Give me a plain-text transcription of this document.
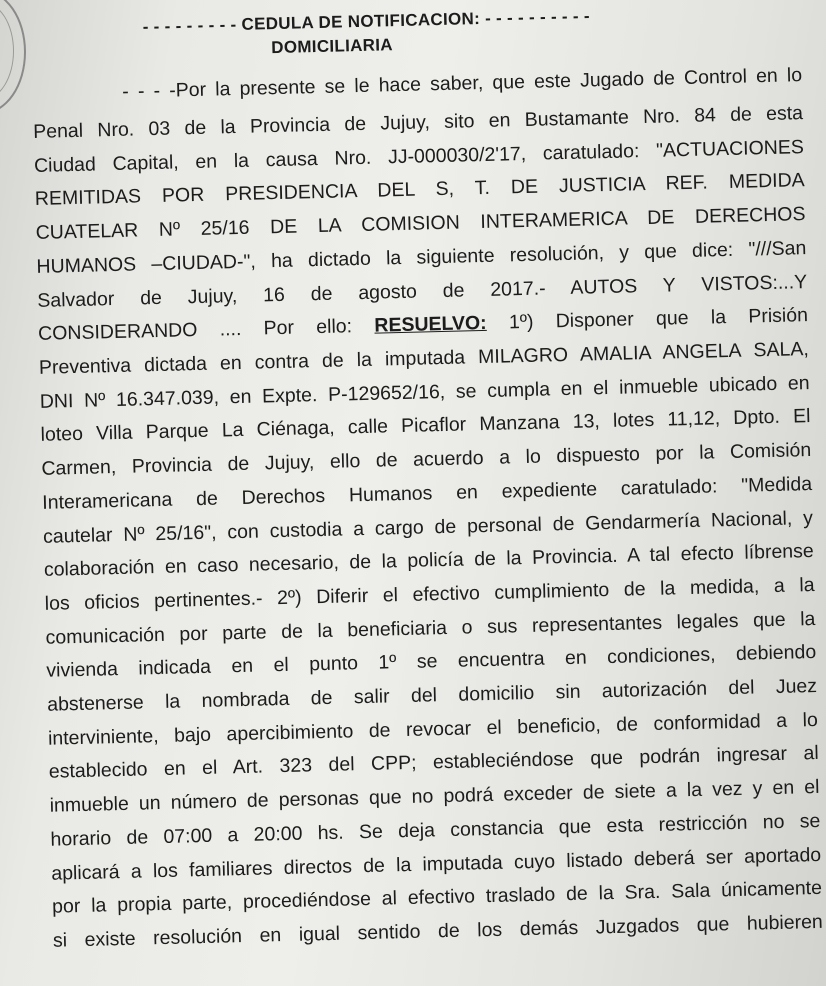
- - - - - - - - - CEDULA DE NOTIFICACION: - - - - - - - - - -
DOMICILIARIA
- - - -Por la presente se le hace saber, que este Jugado de Control en lo
Penal Nro. 03 de la Provincia de Jujuy, sito en Bustamante Nro. 84 de esta
Ciudad Capital, en la causa Nro. JJ-000030/2'17, caratulado: "ACTUACIONES
REMITIDAS POR PRESIDENCIA DEL S, T. DE JUSTICIA REF. MEDIDA
CUATELAR Nº 25/16 DE LA COMISION INTERAMERICA DE DERECHOS
HUMANOS –CIUDAD-", ha dictado la siguiente resolución, y que dice: "///San
Salvador de Jujuy, 16 de agosto de 2017.- AUTOS Y VISTOS:...Y
CONSIDERANDO .... Por ello: RESUELVO: 1º) Disponer que la Prisión
Preventiva dictada en contra de la imputada MILAGRO AMALIA ANGELA SALA,
DNI Nº 16.347.039, en Expte. P-129652/16, se cumpla en el inmueble ubicado en
loteo Villa Parque La Ciénaga, calle Picaflor Manzana 13, lotes 11,12, Dpto. El
Carmen, Provincia de Jujuy, ello de acuerdo a lo dispuesto por la Comisión
Interamericana de Derechos Humanos en expediente caratulado: "Medida
cautelar Nº 25/16", con custodia a cargo de personal de Gendarmería Nacional, y
colaboración en caso necesario, de la policía de la Provincia. A tal efecto líbrense
los oficios pertinentes.- 2º) Diferir el efectivo cumplimiento de la medida, a la
comunicación por parte de la beneficiaria o sus representantes legales que la
vivienda indicada en el punto 1º se encuentra en condiciones, debiendo
abstenerse la nombrada de salir del domicilio sin autorización del Juez
interviniente, bajo apercibimiento de revocar el beneficio, de conformidad a lo
establecido en el Art. 323 del CPP; estableciéndose que podrán ingresar al
inmueble un número de personas que no podrá exceder de siete a la vez y en el
horario de 07:00 a 20:00 hs. Se deja constancia que esta restricción no se
aplicará a los familiares directos de la imputada cuyo listado deberá ser aportado
por la propia parte, procediéndose al efectivo traslado de la Sra. Sala únicamente
si existe resolución en igual sentido de los demás Juzgados que hubieren
